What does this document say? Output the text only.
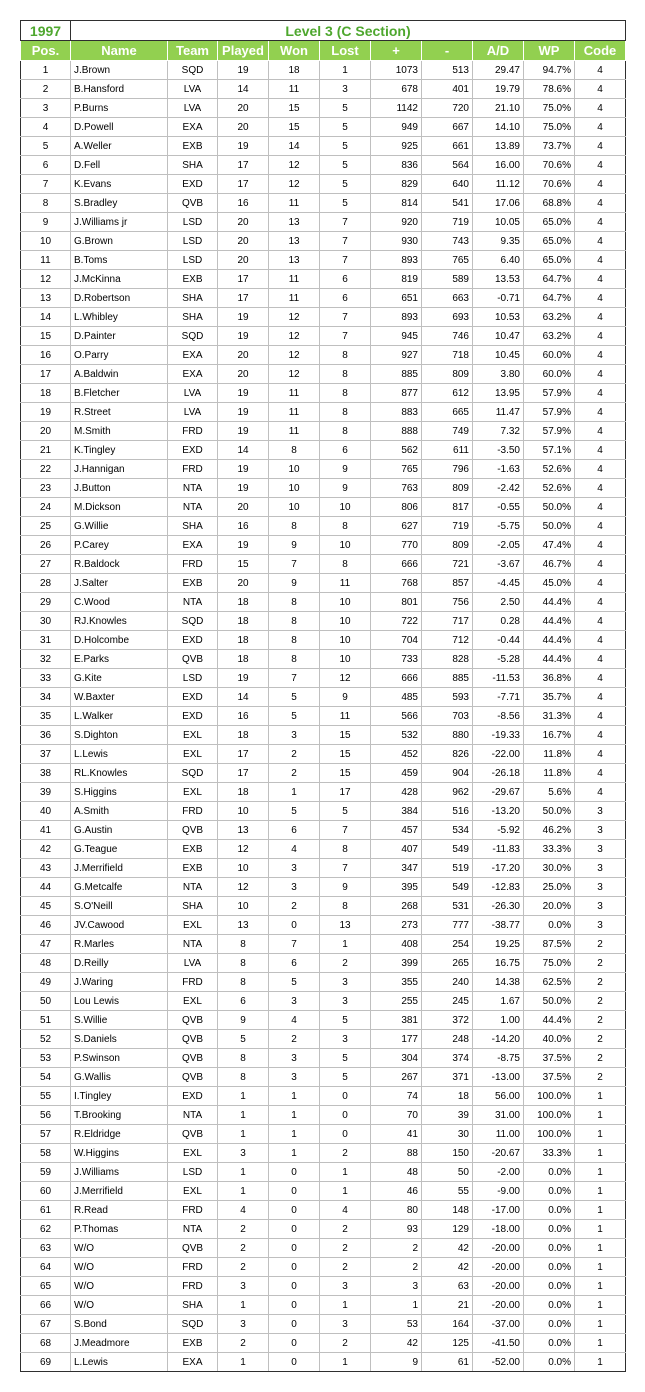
1997	Level 3 (C Section)									
Pos.	Name	Team	Played	Won	Lost	+	-	A/D	WP	Code
1	J.Brown	SQD	19	18	1	1073	513	29.47	94.7%	4
2	B.Hansford	LVA	14	11	3	678	401	19.79	78.6%	4
3	P.Burns	LVA	20	15	5	1142	720	21.10	75.0%	4
4	D.Powell	EXA	20	15	5	949	667	14.10	75.0%	4
5	A.Weller	EXB	19	14	5	925	661	13.89	73.7%	4
6	D.Fell	SHA	17	12	5	836	564	16.00	70.6%	4
7	K.Evans	EXD	17	12	5	829	640	11.12	70.6%	4
8	S.Bradley	QVB	16	11	5	814	541	17.06	68.8%	4
9	J.Williams jr	LSD	20	13	7	920	719	10.05	65.0%	4
10	G.Brown	LSD	20	13	7	930	743	9.35	65.0%	4
11	B.Toms	LSD	20	13	7	893	765	6.40	65.0%	4
12	J.McKinna	EXB	17	11	6	819	589	13.53	64.7%	4
13	D.Robertson	SHA	17	11	6	651	663	-0.71	64.7%	4
14	L.Whibley	SHA	19	12	7	893	693	10.53	63.2%	4
15	D.Painter	SQD	19	12	7	945	746	10.47	63.2%	4
16	O.Parry	EXA	20	12	8	927	718	10.45	60.0%	4
17	A.Baldwin	EXA	20	12	8	885	809	3.80	60.0%	4
18	B.Fletcher	LVA	19	11	8	877	612	13.95	57.9%	4
19	R.Street	LVA	19	11	8	883	665	11.47	57.9%	4
20	M.Smith	FRD	19	11	8	888	749	7.32	57.9%	4
21	K.Tingley	EXD	14	8	6	562	611	-3.50	57.1%	4
22	J.Hannigan	FRD	19	10	9	765	796	-1.63	52.6%	4
23	J.Button	NTA	19	10	9	763	809	-2.42	52.6%	4
24	M.Dickson	NTA	20	10	10	806	817	-0.55	50.0%	4
25	G.Willie	SHA	16	8	8	627	719	-5.75	50.0%	4
26	P.Carey	EXA	19	9	10	770	809	-2.05	47.4%	4
27	R.Baldock	FRD	15	7	8	666	721	-3.67	46.7%	4
28	J.Salter	EXB	20	9	11	768	857	-4.45	45.0%	4
29	C.Wood	NTA	18	8	10	801	756	2.50	44.4%	4
30	RJ.Knowles	SQD	18	8	10	722	717	0.28	44.4%	4
31	D.Holcombe	EXD	18	8	10	704	712	-0.44	44.4%	4
32	E.Parks	QVB	18	8	10	733	828	-5.28	44.4%	4
33	G.Kite	LSD	19	7	12	666	885	-11.53	36.8%	4
34	W.Baxter	EXD	14	5	9	485	593	-7.71	35.7%	4
35	L.Walker	EXD	16	5	11	566	703	-8.56	31.3%	4
36	S.Dighton	EXL	18	3	15	532	880	-19.33	16.7%	4
37	L.Lewis	EXL	17	2	15	452	826	-22.00	11.8%	4
38	RL.Knowles	SQD	17	2	15	459	904	-26.18	11.8%	4
39	S.Higgins	EXL	18	1	17	428	962	-29.67	5.6%	4
40	A.Smith	FRD	10	5	5	384	516	-13.20	50.0%	3
41	G.Austin	QVB	13	6	7	457	534	-5.92	46.2%	3
42	G.Teague	EXB	12	4	8	407	549	-11.83	33.3%	3
43	J.Merrifield	EXB	10	3	7	347	519	-17.20	30.0%	3
44	G.Metcalfe	NTA	12	3	9	395	549	-12.83	25.0%	3
45	S.O'Neill	SHA	10	2	8	268	531	-26.30	20.0%	3
46	JV.Cawood	EXL	13	0	13	273	777	-38.77	0.0%	3
47	R.Marles	NTA	8	7	1	408	254	19.25	87.5%	2
48	D.Reilly	LVA	8	6	2	399	265	16.75	75.0%	2
49	J.Waring	FRD	8	5	3	355	240	14.38	62.5%	2
50	Lou Lewis	EXL	6	3	3	255	245	1.67	50.0%	2
51	S.Willie	QVB	9	4	5	381	372	1.00	44.4%	2
52	S.Daniels	QVB	5	2	3	177	248	-14.20	40.0%	2
53	P.Swinson	QVB	8	3	5	304	374	-8.75	37.5%	2
54	G.Wallis	QVB	8	3	5	267	371	-13.00	37.5%	2
55	I.Tingley	EXD	1	1	0	74	18	56.00	100.0%	1
56	T.Brooking	NTA	1	1	0	70	39	31.00	100.0%	1
57	R.Eldridge	QVB	1	1	0	41	30	11.00	100.0%	1
58	W.Higgins	EXL	3	1	2	88	150	-20.67	33.3%	1
59	J.Williams	LSD	1	0	1	48	50	-2.00	0.0%	1
60	J.Merrifield	EXL	1	0	1	46	55	-9.00	0.0%	1
61	R.Read	FRD	4	0	4	80	148	-17.00	0.0%	1
62	P.Thomas	NTA	2	0	2	93	129	-18.00	0.0%	1
63	W/O	QVB	2	0	2	2	42	-20.00	0.0%	1
64	W/O	FRD	2	0	2	2	42	-20.00	0.0%	1
65	W/O	FRD	3	0	3	3	63	-20.00	0.0%	1
66	W/O	SHA	1	0	1	1	21	-20.00	0.0%	1
67	S.Bond	SQD	3	0	3	53	164	-37.00	0.0%	1
68	J.Meadmore	EXB	2	0	2	42	125	-41.50	0.0%	1
69	L.Lewis	EXA	1	0	1	9	61	-52.00	0.0%	1
